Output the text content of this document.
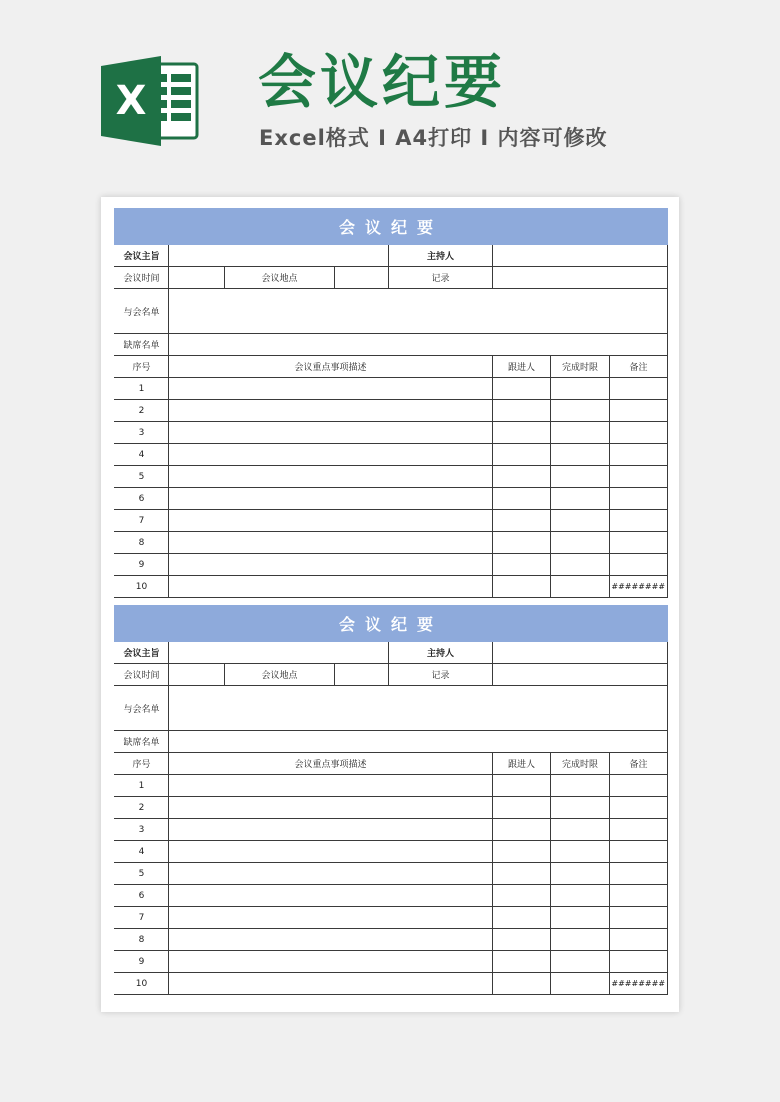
X 会议纪要
Excel格式 I A4打印 I 内容可修改
会议纪要							
会议主旨				主持人			
会议时间		会议地点		记录			
与会名单							
缺席名单							
序号	会议重点事项描述				跟进人	完成时限	备注
1							
2							
3							
4							
5							
6							
7							
8							
9							
10							########
会议纪要							
会议主旨				主持人			
会议时间		会议地点		记录			
与会名单							
缺席名单							
序号	会议重点事项描述				跟进人	完成时限	备注
1							
2							
3							
4							
5							
6							
7							
8							
9							
10							########
